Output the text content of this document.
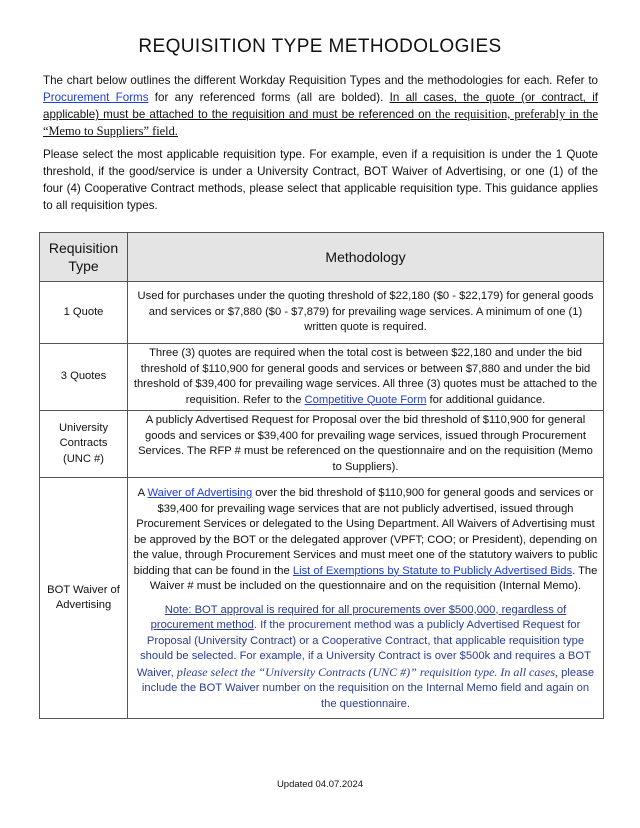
REQUISITION TYPE METHODOLOGIES

The chart below outlines the different Workday Requisition Types and the methodologies for each. Refer to Procurement Forms for any referenced forms (all are bolded). In all cases, the quote (or contract, if applicable) must be attached to the requisition and must be referenced on the requisition, preferably in the “Memo to Suppliers” field.

Please select the most applicable requisition type. For example, even if a requisition is under the 1 Quote threshold, if the good/service is under a University Contract, BOT Waiver of Advertising, or one (1) of the four (4) Cooperative Contract methods, please select that applicable requisition type. This guidance applies to all requisition types.

Requisition Type	Methodology
1 Quote	Used for purchases under the quoting threshold of $22,180 ($0 - $22,179) for general goods and services or $7,880 ($0 - $7,879) for prevailing wage services. A minimum of one (1) written quote is required.
3 Quotes	Three (3) quotes are required when the total cost is between $22,180 and under the bid threshold of $110,900 for general goods and services or between $7,880 and under the bid threshold of $39,400 for prevailing wage services. All three (3) quotes must be attached to the requisition. Refer to the Competitive Quote Form for additional guidance.
University Contracts (UNC #)	A publicly Advertised Request for Proposal over the bid threshold of $110,900 for general goods and services or $39,400 for prevailing wage services, issued through Procurement Services. The RFP # must be referenced on the questionnaire and on the requisition (Memo to Suppliers).
BOT Waiver of Advertising	A Waiver of Advertising over the bid threshold of $110,900 for general goods and services or $39,400 for prevailing wage services that are not publicly advertised, issued through Procurement Services or delegated to the Using Department. All Waivers of Advertising must be approved by the BOT or the delegated approver (VPFT; COO; or President), depending on the value, through Procurement Services and must meet one of the statutory waivers to public bidding that can be found in the List of Exemptions by Statute to Publicly Advertised Bids. The Waiver # must be included on the questionnaire and on the requisition (Internal Memo).
Note: BOT approval is required for all procurements over $500,000, regardless of procurement method. If the procurement method was a publicly Advertised Request for Proposal (University Contract) or a Cooperative Contract, that applicable requisition type should be selected. For example, if a University Contract is over $500k and requires a BOT Waiver, please select the “University Contracts (UNC #)” requisition type. In all cases, please include the BOT Waiver number on the requisition on the Internal Memo field and again on the questionnaire.
Updated 04.07.2024
